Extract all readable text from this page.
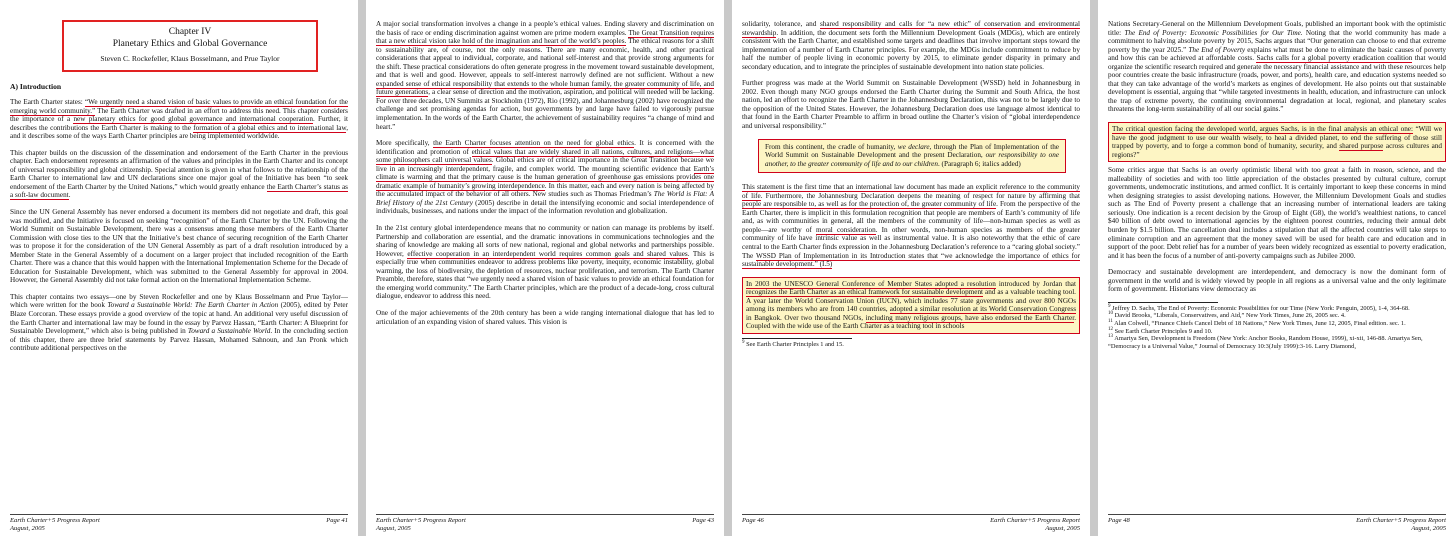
Chapter IV
Planetary Ethics and Global Governance
Steven C. Rockefeller, Klaus Bosselmann, and Prue Taylor
A) Introduction

The Earth Charter states: “We urgently need a shared vision of basic values to provide an ethical foundation for the emerging world community.” The Earth Charter was drafted in an effort to address this need. This chapter considers the importance of a new planetary ethics for good global governance and international cooperation. Further, it describes the contributions the Earth Charter is making to the formation of a global ethics and to international law, and it describes some of the ways Earth Charter principles are being implemented worldwide.

This chapter builds on the discussion of the dissemination and endorsement of the Earth Charter in the previous chapter. Each endorsement represents an affirmation of the values and principles in the Earth Charter and its concept of universal responsibility and global citizenship. Special attention is given in what follows to the relationship of the Earth Charter to international law and UN declarations since one major goal of the Initiative has been “to seek endorsement of the Earth Charter by the United Nations,” which would greatly enhance the Earth Charter’s status as a soft-law document.

Since the UN General Assembly has never endorsed a document its members did not negotiate and draft, this goal was modified, and the Initiative is focused on seeking “recognition” of the Earth Charter by the UN. Following the World Summit on Sustainable Development, there was a consensus among those members of the Earth Charter Commission with close ties to the UN that the Initiative’s best chance of securing recognition of the Earth Charter was to propose it for the consideration of the UN General Assembly as part of a draft resolution introduced by a Member State in the General Assembly of a document on a larger project that included recognition of the Earth Charter. There was a chance that this would happen with the International Implementation Scheme for the Decade of Education for Sustainable Development, which was submitted to the General Assembly for approval in 2004. However, the General Assembly did not take formal action on the International Implementation Scheme.

This chapter contains two essays—one by Steven Rockefeller and one by Klaus Bosselmann and Prue Taylor—which were written for the book Toward a Sustainable World: The Earth Charter in Action (2005), edited by Peter Blaze Corcoran. These essays provide a good overview of the topic at hand. An additional very useful discussion of the Earth Charter and international law may be found in the essay by Parvez Hassan, “Earth Charter: A Blueprint for Sustainable Development,” which also is being published in Toward a Sustainable World. In the concluding section of this chapter, there are three brief statements by Parvez Hassan, Mohamed Sahnoun, and Jan Pronk which contribute additional perspectives on the

Earth Charter+5 Progress Report	Page 41
August, 2005

A major social transformation involves a change in a people’s ethical values. Ending slavery and discrimination on the basis of race or ending discrimination against women are prime modern examples. The Great Transition requires that a new ethical vision take hold of the imagination and heart of the world’s peoples. The ethical reasons for a shift to sustainability are, of course, not the only reasons. There are many economic, health, and other practical considerations that appeal to individual, corporate, and national self-interest and that provide strong arguments for the shift. These practical considerations do often generate progress in the movement toward sustainable development, and that is well and good. However, appeals to self-interest narrowly defined are not sufficient. Without a new expanded sense of ethical responsibility that extends to the whole human family, the greater community of life, and future generations, a clear sense of direction and the motivation, aspiration, and political will needed will be lacking. For over three decades, UN Summits at Stockholm (1972), Rio (1992), and Johannesburg (2002) have recognized the challenge and set promising agendas for action, but governments by and large have failed to vigorously pursue implementation. In the words of the Earth Charter, the achievement of sustainability requires “a change of mind and heart.”

More specifically, the Earth Charter focuses attention on the need for global ethics. It is concerned with the identification and promotion of ethical values that are widely shared in all nations, cultures, and religions—what some philosophers call universal values. Global ethics are of critical importance in the Great Transition because we live in an increasingly interdependent, fragile, and complex world. The mounting scientific evidence that Earth’s climate is warming and that the primary cause is the human generation of greenhouse gas emissions provides one dramatic example of humanity’s growing interdependence. In this matter, each and every nation is being affected by the accumulated impact of the behavior of all others. New studies such as Thomas Friedman’s The World is Flat: A Brief History of the 21st Century (2005) describe in detail the intensifying economic and social interdependence of individuals, businesses, and nations under the impact of the information revolution and globalization.

In the 21st century global interdependence means that no community or nation can manage its problems by itself. Partnership and collaboration are essential, and the dramatic innovations in communications technologies and the sharing of knowledge are making all sorts of new national, regional and global networks and partnerships possible. However, effective cooperation in an interdependent world requires common goals and shared values. This is especially true when communities endeavor to address problems like poverty, inequity, economic instability, global warming, the loss of biodiversity, the depletion of resources, nuclear proliferation, and terrorism. The Earth Charter Preamble, therefore, states that “we urgently need a shared vision of basic values to provide an ethical foundation for the emerging world community.” The Earth Charter principles, which are the product of a decade-long, cross cultural dialogue, endeavor to address this need.

One of the major achievements of the 20th century has been a wide ranging international dialogue that has led to articulation of an expanding vision of shared values. This vision is

Earth Charter+5 Progress Report	Page 43
August, 2005

solidarity, tolerance, and shared responsibility and calls for “a new ethic” of conservation and environmental stewardship. In addition, the document sets forth the Millennium Development Goals (MDGs), which are entirely consistent with the Earth Charter, and established some targets and deadlines that involve important steps toward the implementation of a number of Earth Charter principles. For example, the MDGs include commitment to reduce by half the number of people living in economic poverty by 2015, to eliminate gender disparity in primary and secondary education, and to integrate the principles of sustainable development into nation state policies.

Further progress was made at the World Summit on Sustainable Development (WSSD) held in Johannesburg in 2002. Even though many NGO groups endorsed the Earth Charter during the Summit and South Africa, the host nation, led an effort to recognize the Earth Charter in the Johannesburg Declaration, this was not to be largely due to the opposition of the United States. However, the Johannesburg Declaration does use language almost identical to that found in the Earth Charter Preamble to affirm in broad outline the Charter’s vision of “global interdependence and universal responsibility.”

From this continent, the cradle of humanity, we declare, through the Plan of Implementation of the World Summit on Sustainable Development and the present Declaration, our responsibility to one another, to the greater community of life and to our children. (Paragraph 6; italics added)

This statement is the first time that an international law document has made an explicit reference to the community of life. Furthermore, the Johannesburg Declaration deepens the meaning of respect for nature by affirming that people are responsible to, as well as for the protection of, the greater community of life. From the perspective of the Earth Charter, there is implicit in this formulation recognition that people are members of Earth’s community of life and, as with communities in general, all the members of the community of life—non-human species as well as people—are worthy of moral consideration. In other words, non-human species as members of the greater community of life have intrinsic value as well as instrumental value. It is also noteworthy that the ethic of care central to the Earth Charter finds expression in the Johannesburg Declaration’s reference to a “caring global society.” The WSSD Plan of Implementation in its Introduction states that “we acknowledge the importance of ethics for sustainable development.” (I.5)

In 2003 the UNESCO General Conference of Member States adopted a resolution introduced by Jordan that recognizes the Earth Charter as an ethical framework for sustainable development and as a valuable teaching tool. A year later the World Conservation Union (IUCN), which includes 77 state governments and over 800 NGOs among its members who are from 140 countries, adopted a similar resolution at its World Conservation Congress in Bangkok. Over two thousand NGOs, including many religious groups, have also endorsed the Earth Charter. Coupled with the wide use of the Earth Charter as a teaching tool in schools

$^9$ See Earth Charter Principles 1 and 15.

Page 46	Earth Charter+5 Progress Report
August, 2005

Nations Secretary-General on the Millennium Development Goals, published an important book with the optimistic title: The End of Poverty: Economic Possibilities for Our Time. Noting that the world community has made a commitment to halving absolute poverty by 2015, Sachs argues that “Our generation can choose to end that extreme poverty by the year 2025.” The End of Poverty explains what must be done to eliminate the basic causes of poverty and how this can be achieved at affordable costs. Sachs calls for a global poverty eradication coalition that would organize the scientific research required and generate the necessary financial assistance and with these resources help poor countries create the basic infrastructure (roads, power, and ports), health care, and education systems needed so that they can take advantage of the world’s markets as engines of development. He also points out that sustainable development is essential, arguing that “while targeted investments in health, education, and infrastructure can unlock the trap of extreme poverty, the continuing environmental degradation at local, regional, and planetary scales threatens the long-term sustainability of all our social gains.”

The critical question facing the developed world, argues Sachs, is in the final analysis an ethical one: “Will we have the good judgment to use our wealth wisely, to heal a divided planet, to end the suffering of those still trapped by poverty, and to forge a common bond of humanity, security, and shared purpose across cultures and regions?”

Some critics argue that Sachs is an overly optimistic liberal with too great a faith in reason, science, and the malleability of societies and with too little appreciation of the obstacles presented by cultural culture, corrupt governments, undemocratic institutions, and armed conflict. It is certainly important to keep these concerns in mind when designing strategies to assist developing nations. However, the Millennium Development Goals and studies such as The End of Poverty present a challenge that an increasing number of international leaders are taking seriously. One indication is a recent decision by the Group of Eight (G8), the world’s wealthiest nations, to cancel $40 billion of debt owed to international agencies by the eighteen poorest countries, reducing their annual debt burden by $1.5 billion. The cancellation deal includes a stipulation that all the affected countries will take steps to eliminate corruption and an agreement that the money saved will be used for health care and education and in support of the poor. Debt relief has for a number of years been widely recognized as essential to poverty eradication, and it has been the focus of a number of anti-poverty campaigns such as Jubilee 2000.

Democracy and sustainable development are interdependent, and democracy is now the dominant form of government in the world and is widely viewed by people in all regions as a universal value and the only legitimate form of government. Historians view democracy as

$^9$ Jeffrey D. Sachs, The End of Poverty: Economic Possibilities for our Time (New York: Penguin, 2005), 1-4, 364-68.

$^{10}$ David Brooks, “Liberals, Conservatives, and Aid,” New York Times, June 26, 2005 sec. 4.

$^{11}$ Alan Colwell, “Finance Chiefs Cancel Debt of 18 Nations,” New York Times, June 12, 2005, Final edition. sec. 1.

$^{12}$ See Earth Charter Principles 9 and 10.

$^{13}$ Amartya Sen, Development is Freedom (New York: Anchor Books, Random House, 1999), xi-xii, 146-88. Amartya Sen, “Democracy is a Universal Value,” Journal of Democracy 10:3(July 1999):3-16. Larry Diamond,

Page 48	Earth Charter+5 Progress Report
August, 2005
